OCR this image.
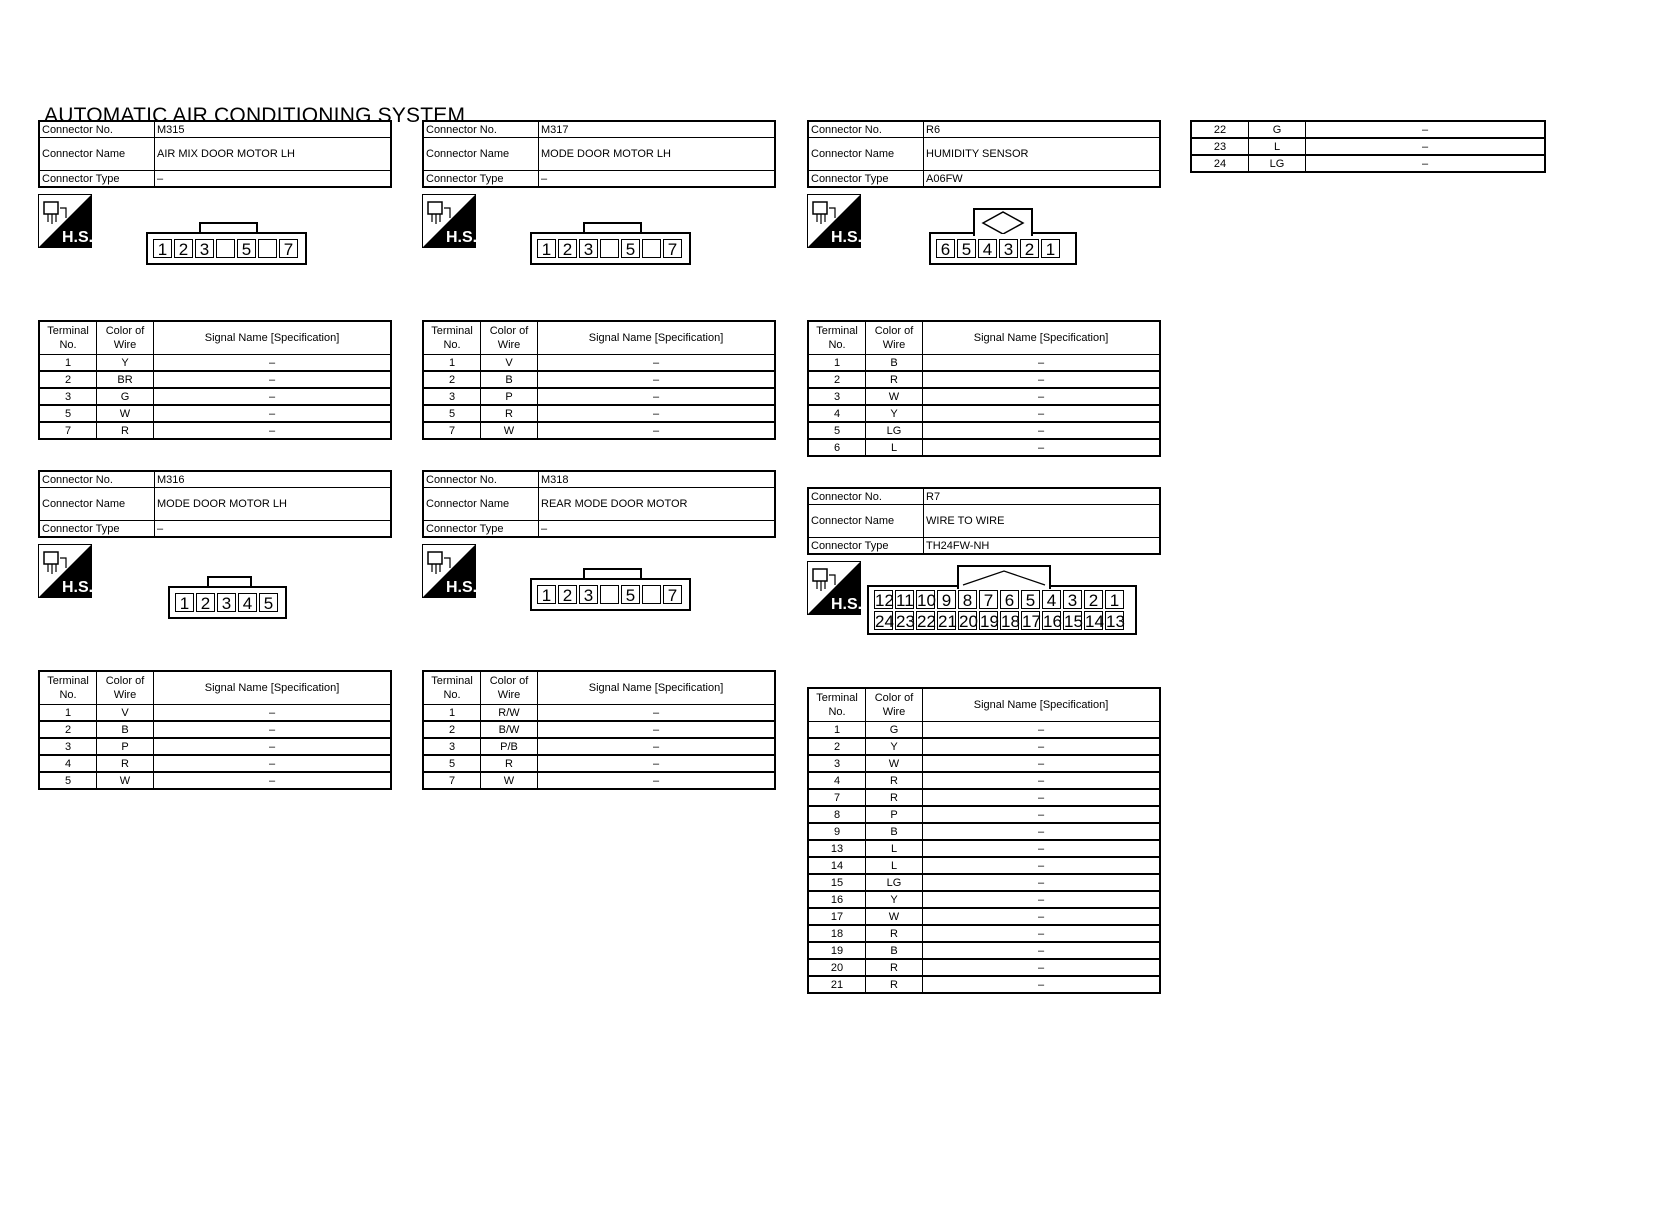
AUTOMATIC AIR CONDITIONING SYSTEM
Connector No.	M315
Connector Name	AIR MIX DOOR MOTOR LH
Connector Type	–
H.S.
1 2 3 5 7
Terminal No.	Color of Wire	Signal Name [Specification]
1	Y	–
2	BR	–
3	G	–
5	W	–
7	R	–
Connector No.	M317
Connector Name	MODE DOOR MOTOR LH
Connector Type	–
H.S.
1 2 3 5 7
Terminal No.	Color of Wire	Signal Name [Specification]
1	V	–
2	B	–
3	P	–
5	R	–
7	W	–
Connector No.	R6
Connector Name	HUMIDITY SENSOR
Connector Type	A06FW
H.S.
6 5 4 3 2 1
Terminal No.	Color of Wire	Signal Name [Specification]
1	B	–
2	R	–
3	W	–
4	Y	–
5	LG	–
6	L	–
Connector No.	M316
Connector Name	MODE DOOR MOTOR LH
Connector Type	–
H.S.
1 2 3 4 5
Terminal No.	Color of Wire	Signal Name [Specification]
1	V	–
2	B	–
3	P	–
4	R	–
5	W	–
Connector No.	M318
Connector Name	REAR MODE DOOR MOTOR
Connector Type	–
H.S.	1 2 3 5 7
Terminal No.	Color of Wire	Signal Name [Specification]
1	R/W	–
2	B/W	–
3	P/B	–
5	R	–
7	W	–
Connector No.	R7
Connector Name	WIRE TO WIRE
Connector Type	TH24FW-NH
H.S. 12 11 10 9 8 7 6 5 4 3 2 1
24 23 22 21 20 19 18 17 16 15 14 13
Terminal No.	Color of Wire	Signal Name [Specification]
1	G	–
2	Y	–
3	W	–
4	R	–
7	R	–
8	P	–
9	B	–
13	L	–
14	L	–
15	LG	–
16	Y	–
17	W	–
18	R	–
19	B	–
20	R	–
21	R	–
22	G	–
23	L	–
24	LG	–
